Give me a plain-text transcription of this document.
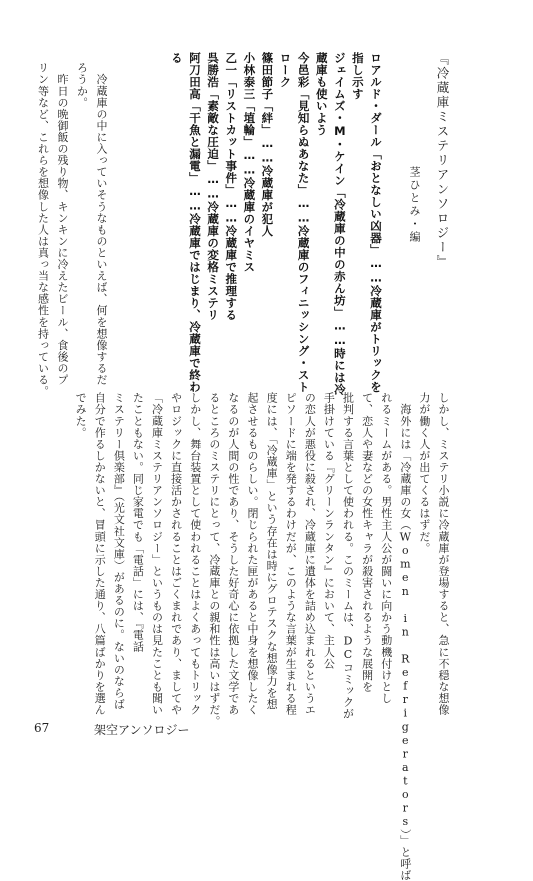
『冷蔵庫ミステリアンソロジー』
茎ひとみ・編
ロアルド・ダール「おとなしい凶器」……冷蔵庫がトリックを
指し示す
ジェイムズ・M・ケイン「冷蔵庫の中の赤ん坊」……時には冷
蔵庫も使いよう
今邑彩「見知らぬあなた」……冷蔵庫のフィニッシング・スト
ローク
篠田節子「絆」……冷蔵庫が犯人
小林泰三「埴輪」……冷蔵庫のイヤミス
乙一「リストカット事件」……冷蔵庫で推理する
呉勝浩「素敵な圧迫」……冷蔵庫の変格ミステリ
阿刀田高「干魚と漏電」……冷蔵庫ではじまり、冷蔵庫で終わ
る
　冷蔵庫の中に入っていそうなものといえば、何を想像するだ
ろうか。
　昨日の晩御飯の残り物、キンキンに冷えたビール、食後のプ
リン等など、これらを想像した人は真っ当な感性を持っている。
しかし、ミステリ小説に冷蔵庫が登場すると、急に不穏な想像
力が働く人が出てくるはずだ。
　海外には「冷蔵庫の女（Women in Refrigerators）」と呼ば
れるミームがある。男性主人公が闘いに向かう動機付けとし
て、恋人や妻などの女性キャラが殺害されるような展開を
批判する言葉として使われる。このミームは、DCコミックが
手掛けている『グリーンランタン』において、主人公
の恋人が悪役に殺され、冷蔵庫に遺体を詰め込まれるというエ
ピソードに端を発するわけだが、このような言葉が生まれる程
度には、「冷蔵庫」という存在は時にグロテスクな想像力を想
起させるものらしい。閉じられた匣があると中身を想像したく
なるのが人間の性であり、そうした好奇心に依拠した文学であ
るところのミステリにとって、冷蔵庫との親和性は高いはずだ。
しかし、舞台装置として使われることはよくあってもトリック
やロジックに直接活かされることはごくまれであり、ましてや
「冷蔵庫ミステリアンソロジー」というものは見たことも聞い
たこともない。同じ家電でも「電話」には、『電話
ミステリー倶楽部』（光文社文庫）があるのに。ないのならば
自分で作るしかないと、冒頭に示した通り、八篇ばかりを選ん
でみた。
67	架空アンソロジー
